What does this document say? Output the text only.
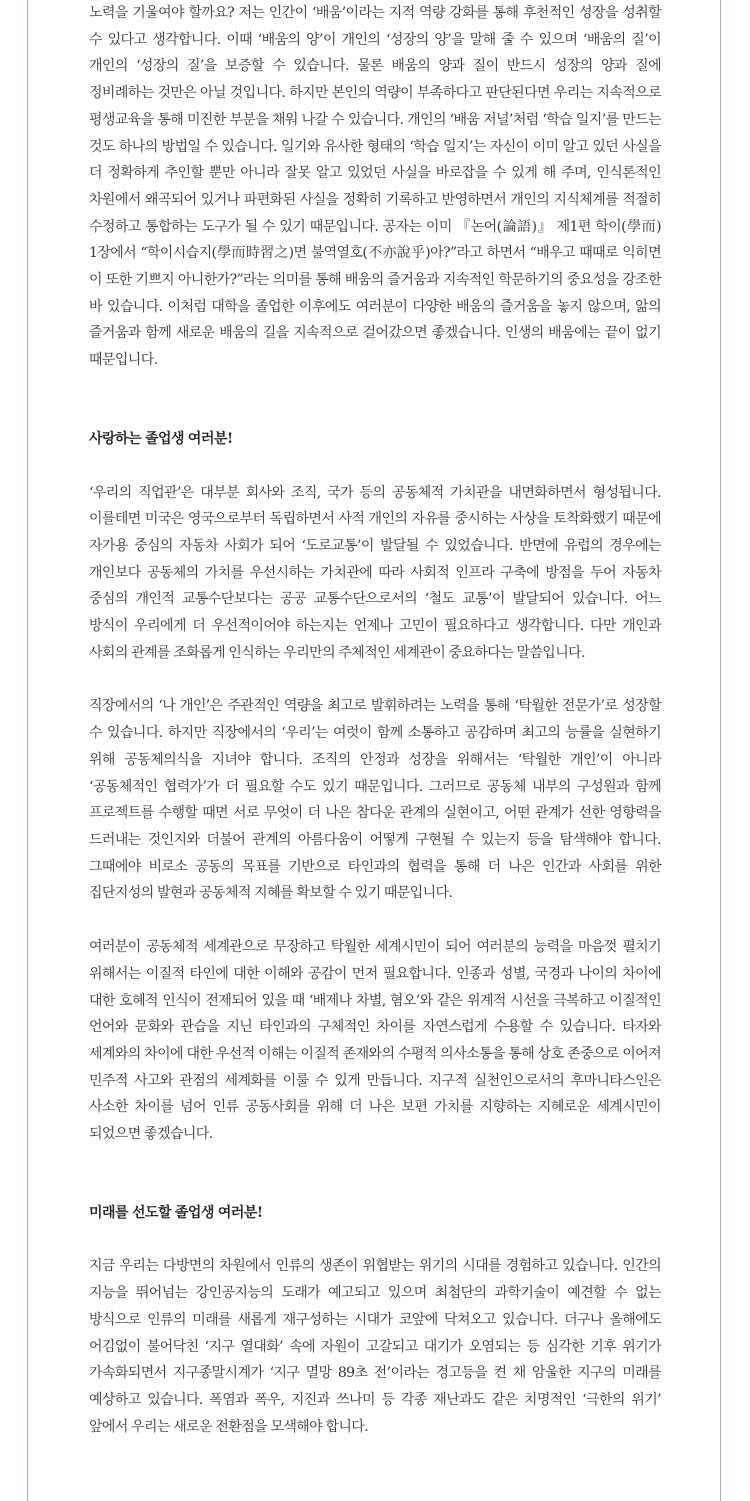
노력을 기울여야 할까요? 저는 인간이 ‘배움’이라는 지적 역량 강화를 통해 후천적인 성장을 성취할 수 있다고 생각합니다. 이때 ‘배움의 양’이 개인의 ‘성장의 양’을 말해 줄 수 있으며 ‘배움의 질’이 개인의 ‘성장의 질’을 보증할 수 있습니다. 물론 배움의 양과 질이 반드시 성장의 양과 질에 정비례하는 것만은 아닐 것입니다. 하지만 본인의 역량이 부족하다고 판단된다면 우리는 지속적으로 평생교육을 통해 미진한 부분을 채워 나갈 수 있습니다. 개인의 ‘배움 저널’처럼 ‘학습 일지’를 만드는 것도 하나의 방법일 수 있습니다. 일기와 유사한 형태의 ‘학습 일지’는 자신이 이미 알고 있던 사실을 더 정확하게 추인할 뿐만 아니라 잘못 알고 있었던 사실을 바로잡을 수 있게 해 주며, 인식론적인 차원에서 왜곡되어 있거나 파편화된 사실을 정확히 기록하고 반영하면서 개인의 지식체계를 적절히 수정하고 통합하는 도구가 될 수 있기 때문입니다. 공자는 이미 『논어(論語)』 제1편 학이(學而) 1장에서 “학이시습지(學而時習之)면 불역열호(不亦說乎)아?”라고 하면서 “배우고 때때로 익히면 이 또한 기쁘지 아니한가?”라는 의미를 통해 배움의 즐거움과 지속적인 학문하기의 중요성을 강조한 바 있습니다. 이처럼 대학을 졸업한 이후에도 여러분이 다양한 배움의 즐거움을 놓지 않으며, 앎의 즐거움과 함께 새로운 배움의 길을 지속적으로 걸어갔으면 좋겠습니다. 인생의 배움에는 끝이 없기 때문입니다.

사랑하는 졸업생 여러분!

‘우리의 직업관’은 대부분 회사와 조직, 국가 등의 공동체적 가치관을 내면화하면서 형성됩니다. 이를테면 미국은 영국으로부터 독립하면서 사적 개인의 자유를 중시하는 사상을 토착화했기 때문에 자가용 중심의 자동차 사회가 되어 ‘도로교통’이 발달될 수 있었습니다. 반면에 유럽의 경우에는 개인보다 공동체의 가치를 우선시하는 가치관에 따라 사회적 인프라 구축에 방점을 두어 자동차 중심의 개인적 교통수단보다는 공공 교통수단으로서의 ‘철도 교통’이 발달되어 있습니다. 어느 방식이 우리에게 더 우선적이어야 하는지는 언제나 고민이 필요하다고 생각합니다. 다만 개인과 사회의 관계를 조화롭게 인식하는 우리만의 주체적인 세계관이 중요하다는 말씀입니다.

직장에서의 ‘나 개인’은 주관적인 역량을 최고로 발휘하려는 노력을 통해 ‘탁월한 전문가’로 성장할 수 있습니다. 하지만 직장에서의 ‘우리’는 여럿이 함께 소통하고 공감하며 최고의 능률을 실현하기 위해 공동체의식을 지녀야 합니다. 조직의 안정과 성장을 위해서는 ‘탁월한 개인’이 아니라 ‘공동체적인 협력가’가 더 필요할 수도 있기 때문입니다. 그러므로 공동체 내부의 구성원과 함께 프로젝트를 수행할 때면 서로 무엇이 더 나은 참다운 관계의 실현이고, 어떤 관계가 선한 영향력을 드러내는 것인지와 더불어 관계의 아름다움이 어떻게 구현될 수 있는지 등을 탐색해야 합니다. 그때에야 비로소 공동의 목표를 기반으로 타인과의 협력을 통해 더 나은 인간과 사회를 위한 집단지성의 발현과 공동체적 지혜를 확보할 수 있기 때문입니다.

여러분이 공동체적 세계관으로 무장하고 탁월한 세계시민이 되어 여러분의 능력을 마음껏 펼치기 위해서는 이질적 타인에 대한 이해와 공감이 먼저 필요합니다. 인종과 성별, 국경과 나이의 차이에 대한 호혜적 인식이 전제되어 있을 때 ‘배제나 차별, 혐오’와 같은 위계적 시선을 극복하고 이질적인 언어와 문화와 관습을 지닌 타인과의 구체적인 차이를 자연스럽게 수용할 수 있습니다. 타자와 세계와의 차이에 대한 우선적 이해는 이질적 존재와의 수평적 의사소통을 통해 상호 존중으로 이어져 민주적 사고와 관점의 세계화를 이룰 수 있게 만듭니다. 지구적 실천인으로서의 후마니타스인은 사소한 차이를 넘어 인류 공동사회를 위해 더 나은 보편 가치를 지향하는 지혜로운 세계시민이 되었으면 좋겠습니다.

미래를 선도할 졸업생 여러분!

지금 우리는 다방면의 차원에서 인류의 생존이 위협받는 위기의 시대를 경험하고 있습니다. 인간의 지능을 뛰어넘는 강인공지능의 도래가 예고되고 있으며 최첨단의 과학기술이 예견할 수 없는 방식으로 인류의 미래를 새롭게 재구성하는 시대가 코앞에 닥쳐오고 있습니다. 더구나 올해에도 어김없이 불어닥친 ‘지구 열대화’ 속에 자원이 고갈되고 대기가 오염되는 등 심각한 기후 위기가 가속화되면서 지구종말시계가 ‘지구 멸망 89초 전’이라는 경고등을 켠 채 암울한 지구의 미래를 예상하고 있습니다. 폭염과 폭우, 지진과 쓰나미 등 각종 재난과도 같은 치명적인 ‘극한의 위기’ 앞에서 우리는 새로운 전환점을 모색해야 합니다.
